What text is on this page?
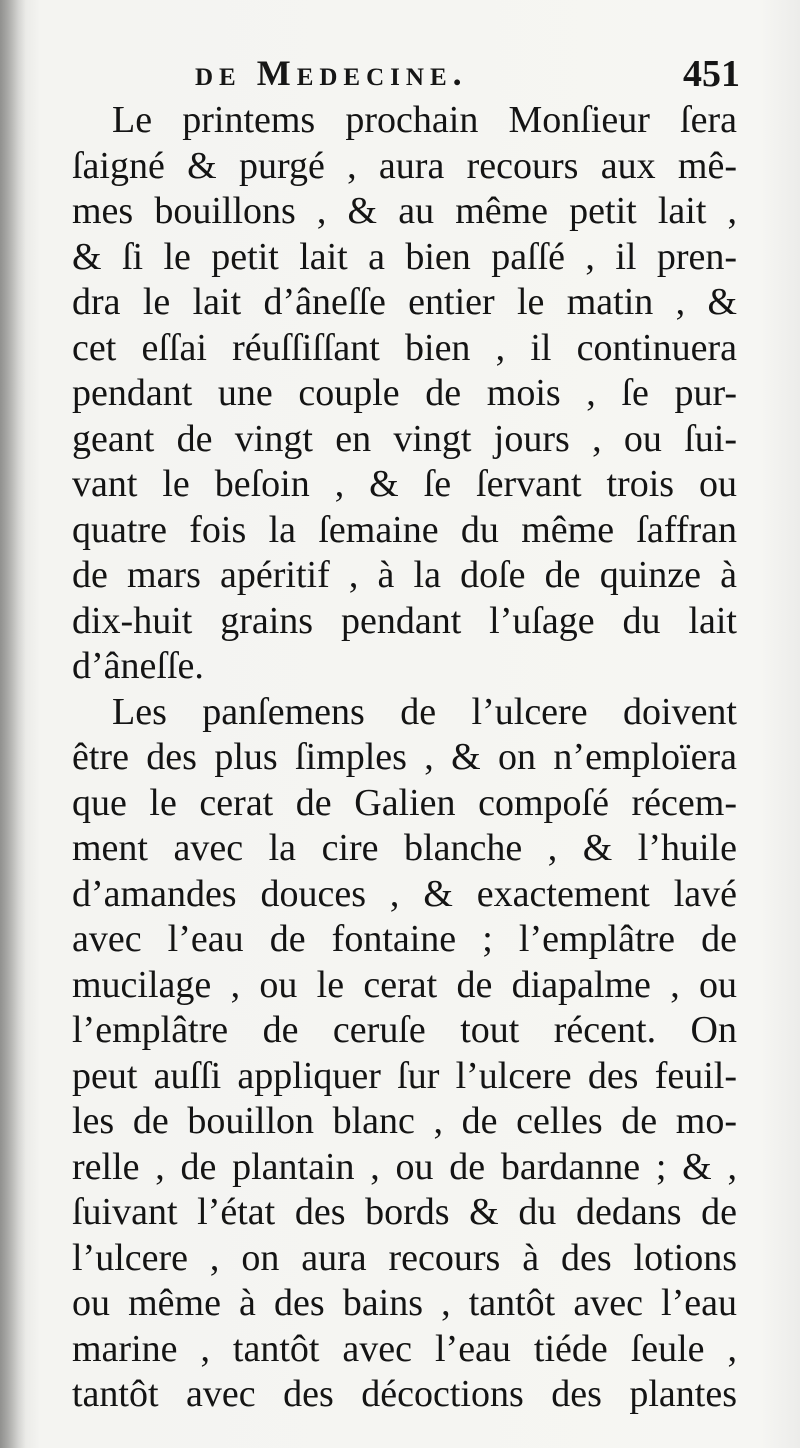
de Medecine.	451
Le printems prochain Monſieur ſera
ſaigné & purgé , aura recours aux mê-
mes bouillons , & au même petit lait ,
& ſi le petit lait a bien paſſé , il pren-
dra le lait d’âneſſe entier le matin , &
cet eſſai réuſſiſſant bien , il continuera
pendant une couple de mois , ſe pur-
geant de vingt en vingt jours , ou ſui-
vant le beſoin , & ſe ſervant trois ou
quatre fois la ſemaine du même ſaffran
de mars apéritif , à la doſe de quinze à
dix-huit grains pendant l’uſage du lait
d’âneſſe.
Les panſemens de l’ulcere doivent
être des plus ſimples , & on n’emploïera
que le cerat de Galien compoſé récem-
ment avec la cire blanche , & l’huile
d’amandes douces , & exactement lavé
avec l’eau de fontaine ; l’emplâtre de
mucilage , ou le cerat de diapalme , ou
l’emplâtre de ceruſe tout récent. On
peut auſſi appliquer ſur l’ulcere des feuil-
les de bouillon blanc , de celles de mo-
relle , de plantain , ou de bardanne ; & ,
ſuivant l’état des bords & du dedans de
l’ulcere , on aura recours à des lotions
ou même à des bains , tantôt avec l’eau
marine , tantôt avec l’eau tiéde ſeule ,
tantôt avec des décoctions des plantes
